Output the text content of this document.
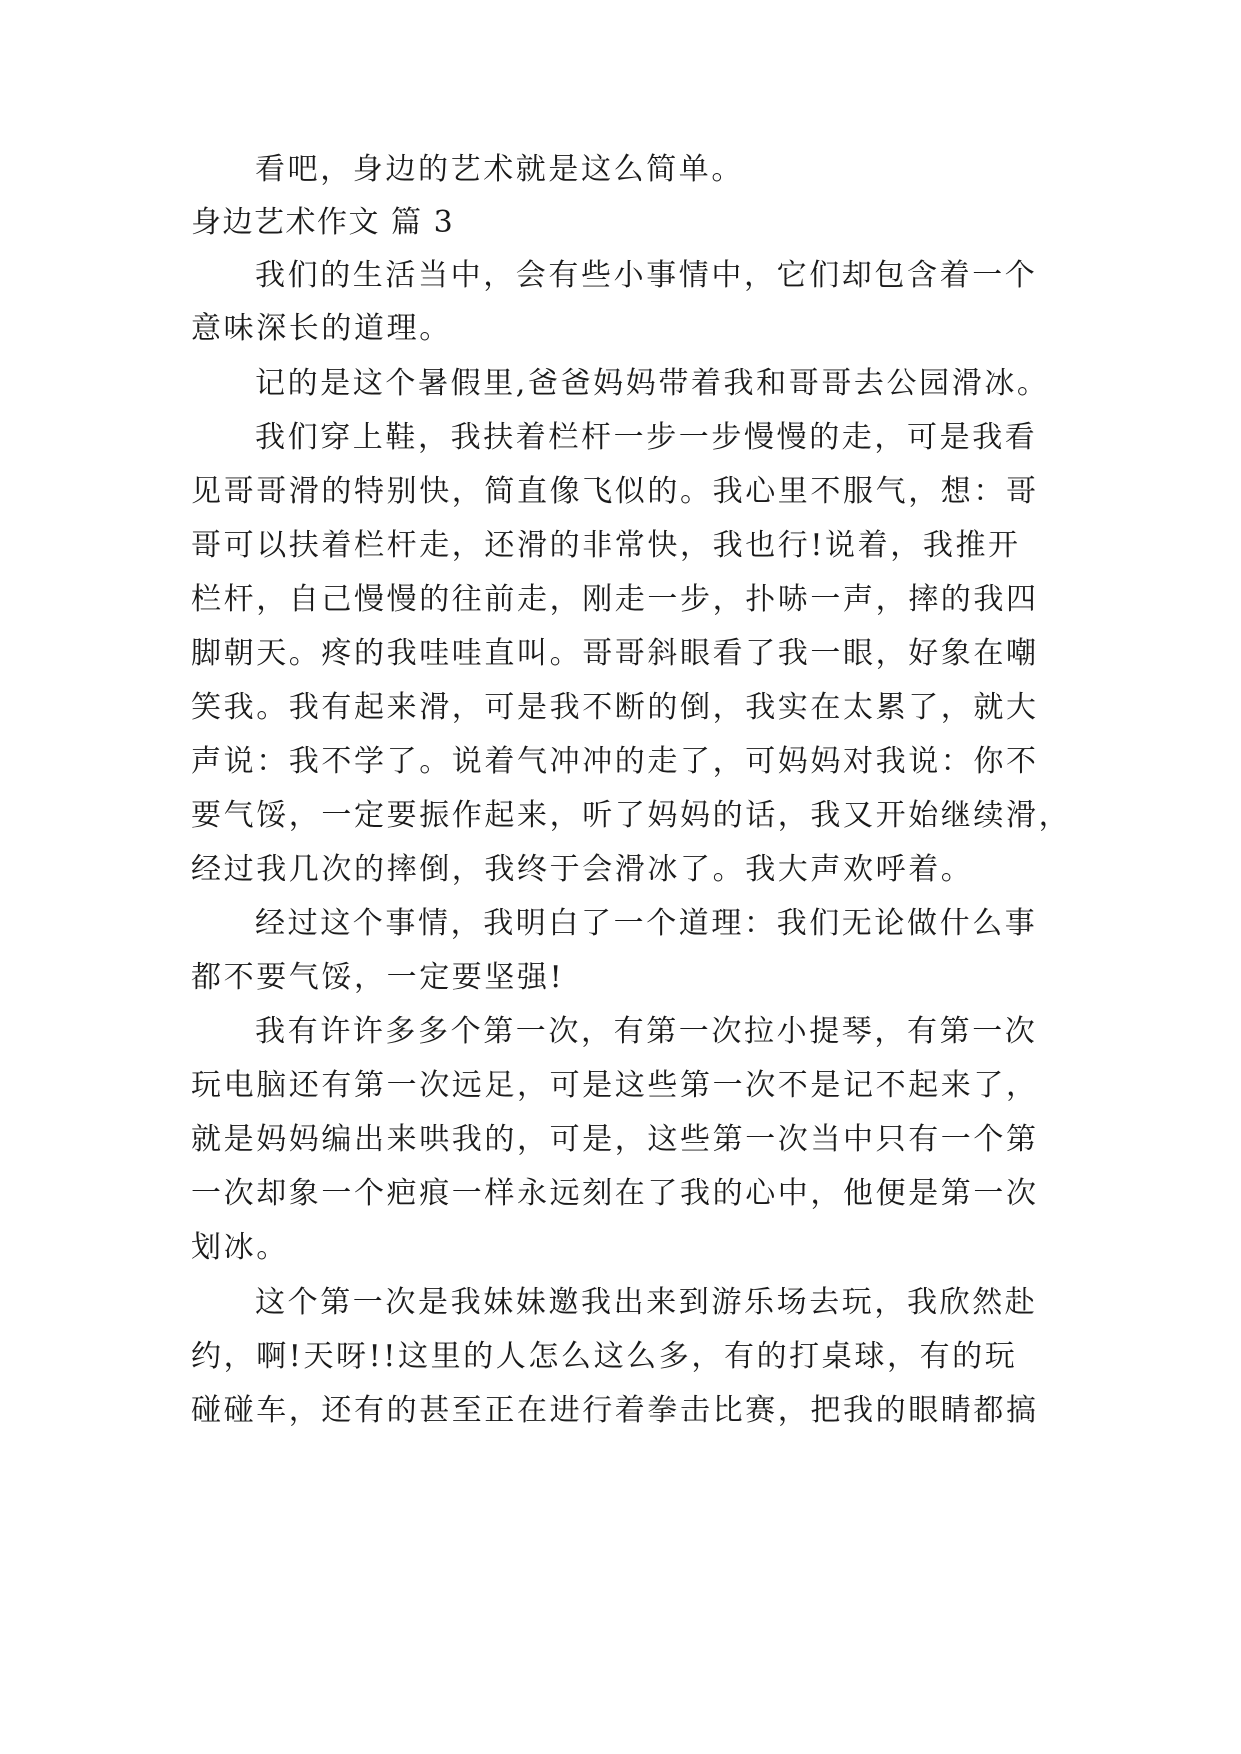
看吧，身边的艺术就是这么简单。
身边艺术作文 篇 3
我们的生活当中，会有些小事情中，它们却包含着一个
意味深长的道理。
记的是这个暑假里,爸爸妈妈带着我和哥哥去公园滑冰。
我们穿上鞋，我扶着栏杆一步一步慢慢的走，可是我看
见哥哥滑的特别快，简直像飞似的。我心里不服气，想：哥
哥可以扶着栏杆走，还滑的非常快，我也行!说着，我推开
栏杆，自己慢慢的往前走，刚走一步，扑哧一声，摔的我四
脚朝天。疼的我哇哇直叫。哥哥斜眼看了我一眼，好象在嘲
笑我。我有起来滑，可是我不断的倒，我实在太累了，就大
声说：我不学了。说着气冲冲的走了，可妈妈对我说：你不
要气馁，一定要振作起来，听了妈妈的话，我又开始继续滑，
经过我几次的摔倒，我终于会滑冰了。我大声欢呼着。
经过这个事情，我明白了一个道理：我们无论做什么事
都不要气馁，一定要坚强!
我有许许多多个第一次，有第一次拉小提琴，有第一次
玩电脑还有第一次远足，可是这些第一次不是记不起来了，
就是妈妈编出来哄我的，可是，这些第一次当中只有一个第
一次却象一个疤痕一样永远刻在了我的心中，他便是第一次
划冰。
这个第一次是我妹妹邀我出来到游乐场去玩，我欣然赴
约，啊!天呀!!这里的人怎么这么多，有的打桌球，有的玩
碰碰车，还有的甚至正在进行着拳击比赛，把我的眼睛都搞
